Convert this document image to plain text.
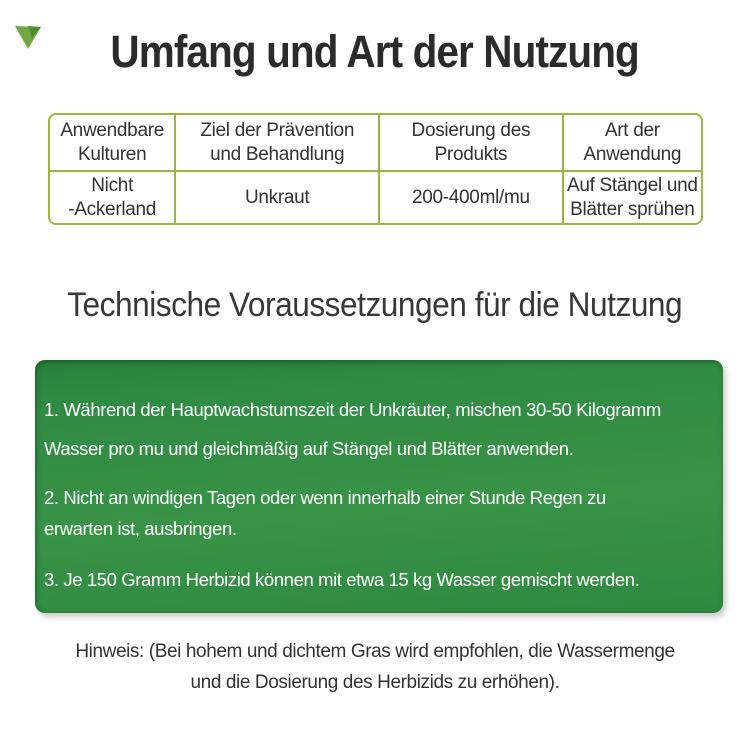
Umfang und Art der Nutzung
Anwendbare
Kulturen
Ziel der Prävention
und Behandlung
Dosierung des
Produkts
Art der
Anwendung
Nicht
-Ackerland
Unkraut	200-400ml/mu
Auf Stängel und
Blätter sprühen
Technische Voraussetzungen für die Nutzung

1. Während der Hauptwachstumszeit der Unkräuter, mischen 30-50 Kilogramm
Wasser pro mu und gleichmäßig auf Stängel und Blätter anwenden.

2. Nicht an windigen Tagen oder wenn innerhalb einer Stunde Regen zu
erwarten ist, ausbringen.

3. Je 150 Gramm Herbizid können mit etwa 15 kg Wasser gemischt werden.

Hinweis: (Bei hohem und dichtem Gras wird empfohlen, die Wassermenge
und die Dosierung des Herbizids zu erhöhen).
